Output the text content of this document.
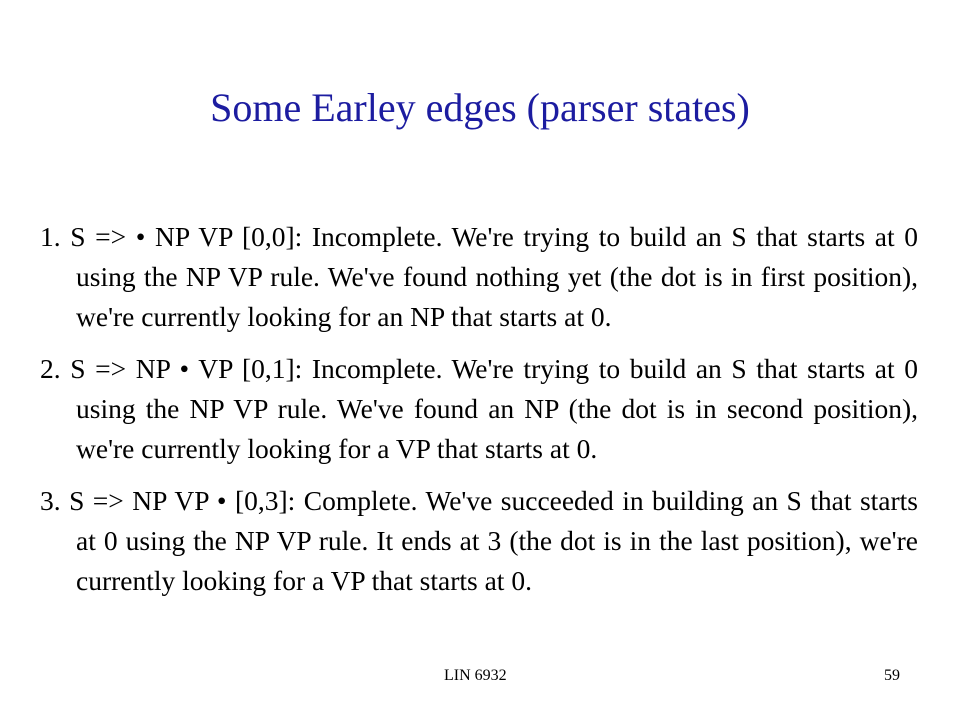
Some Earley edges (parser states)
1. S => • NP VP [0,0]: Incomplete. We're trying to build an S that starts at 0 using the NP VP rule. We've found nothing yet (the dot is in first position), we're currently looking for an NP that starts at 0.
2. S => NP • VP [0,1]: Incomplete. We're trying to build an S that starts at 0 using the NP VP rule. We've found an NP (the dot is in second position), we're currently looking for a VP that starts at 0.
3. S => NP VP • [0,3]: Complete. We've succeeded in building an S that starts at 0 using the NP VP rule. It ends at 3 (the dot is in the last position), we're currently looking for a VP that starts at 0.
LIN 6932	59
